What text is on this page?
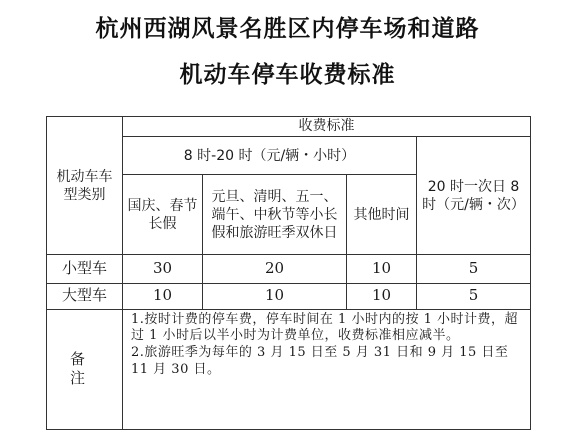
杭州西湖风景名胜区内停车场和道路
机动车停车收费标准
机动车车型类别	收费标准			
	8 时-20 时（元/辆・小时）			20 时一次日 8 时（元/辆・次）
	国庆、春节长假	元旦、清明、五一、端午、中秋节等小长假和旅游旺季双休日	其他时间	
小型车	30	20	10	5
大型车	10	10	10	5
备 注	1.按时计费的停车费，停车时间在 1 小时内的按 1 小时计费，超过 1 小时后以半小时为计费单位，收费标准相应减半。
2.旅游旺季为每年的 3 月 15 日至 5 月 31 日和 9 月 15 日至 11 月 30 日。			
